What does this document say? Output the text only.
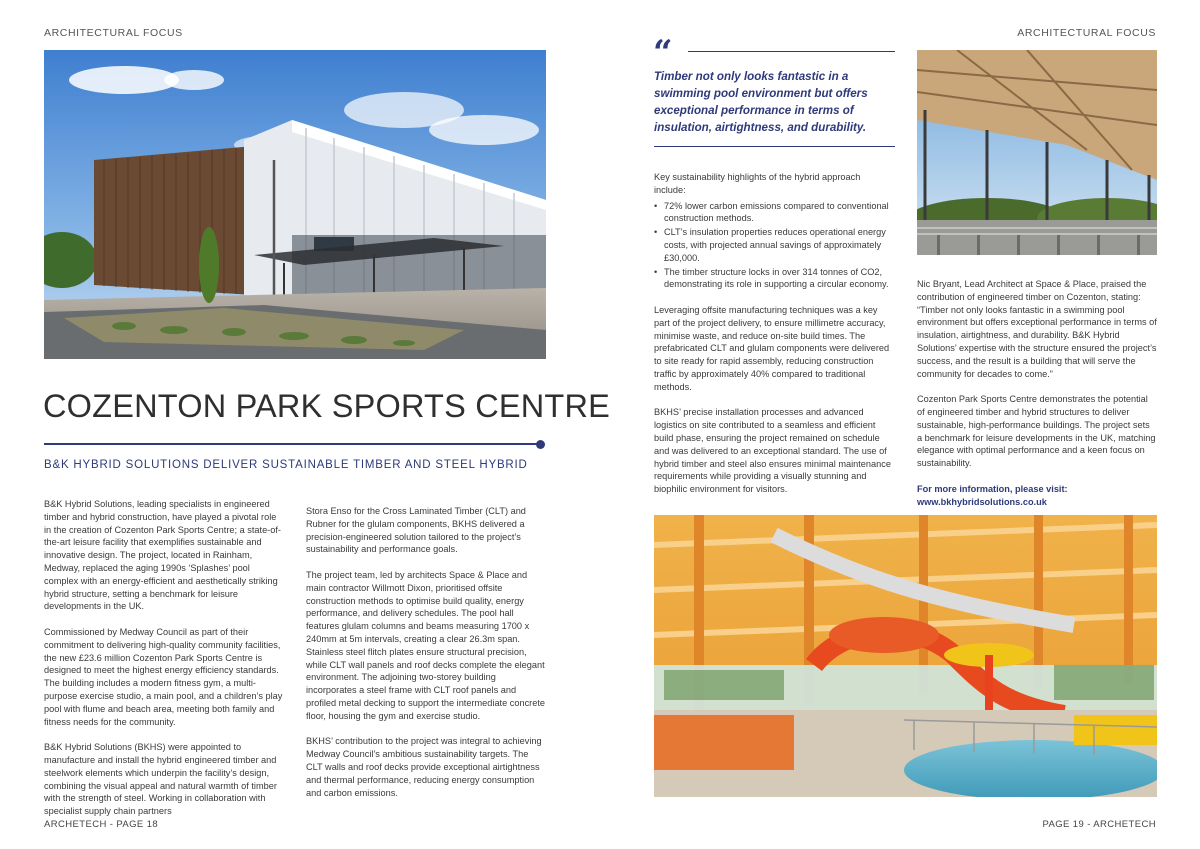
ARCHITECTURAL FOCUS	ARCHITECTURAL FOCUS
COZENTON PARK SPORTS CENTRE
B&K HYBRID SOLUTIONS DELIVER SUSTAINABLE TIMBER AND STEEL HYBRID

B&K Hybrid Solutions, leading specialists in engineered timber and hybrid construction, have played a pivotal role in the creation of Cozenton Park Sports Centre; a state-of-the-art leisure facility that exemplifies sustainable and innovative design. The project, located in Rainham, Medway, replaced the aging 1990s ‘Splashes’ pool complex with an energy-efficient and aesthetically striking hybrid structure, setting a benchmark for leisure developments in the UK.

Commissioned by Medway Council as part of their commitment to delivering high-quality community facilities, the new £23.6 million Cozenton Park Sports Centre is designed to meet the highest energy efficiency standards. The building includes a modern fitness gym, a multi-purpose exercise studio, a main pool, and a children’s play pool with flume and beach area, meeting both family and fitness needs for the community.

B&K Hybrid Solutions (BKHS) were appointed to manufacture and install the hybrid engineered timber and steelwork elements which underpin the facility’s design, combining the visual appeal and natural warmth of timber with the strength of steel. Working in collaboration with specialist supply chain partners

Stora Enso for the Cross Laminated Timber (CLT) and Rubner for the glulam components, BKHS delivered a precision-engineered solution tailored to the project’s sustainability and performance goals.

The project team, led by architects Space & Place and main contractor Willmott Dixon, prioritised offsite construction methods to optimise build quality, energy performance, and delivery schedules. The pool hall features glulam columns and beams measuring 1700 x 240mm at 5m intervals, creating a clear 26.3m span. Stainless steel flitch plates ensure structural precision, while CLT wall panels and roof decks complete the elegant environment. The adjoining two-storey building incorporates a steel frame with CLT roof panels and profiled metal decking to support the intermediate concrete floor, housing the gym and exercise studio.

BKHS’ contribution to the project was integral to achieving Medway Council’s ambitious sustainability targets. The CLT walls and roof decks provide exceptional airtightness and thermal performance, reducing energy consumption and carbon emissions.

“
Timber not only looks fantastic in a swimming pool environment but offers exceptional performance in terms of insulation, airtightness, and durability.

Key sustainability highlights of the hybrid approach include:

• 72% lower carbon emissions compared to conventional construction methods.
• CLT’s insulation properties reduces operational energy costs, with projected annual savings of approximately £30,000.
• The timber structure locks in over 314 tonnes of CO2, demonstrating its role in supporting a circular economy.

Leveraging offsite manufacturing techniques was a key part of the project delivery, to ensure millimetre accuracy, minimise waste, and reduce on-site build times. The prefabricated CLT and glulam components were delivered to site ready for rapid assembly, reducing construction traffic by approximately 40% compared to traditional methods.

BKHS’ precise installation processes and advanced logistics on site contributed to a seamless and efficient build phase, ensuring the project remained on schedule and was delivered to an exceptional standard. The use of hybrid timber and steel also ensures minimal maintenance requirements while providing a visually stunning and biophilic environment for visitors.

Nic Bryant, Lead Architect at Space & Place, praised the contribution of engineered timber on Cozenton, stating: “Timber not only looks fantastic in a swimming pool environment but offers exceptional performance in terms of insulation, airtightness, and durability. B&K Hybrid Solutions’ expertise with the structure ensured the project’s success, and the result is a building that will serve the community for decades to come.”

Cozenton Park Sports Centre demonstrates the potential of engineered timber and hybrid structures to deliver sustainable, high-performance buildings. The project sets a benchmark for leisure developments in the UK, matching elegance with optimal performance and a keen focus on sustainability.

For more information, please visit:
www.bkhybridsolutions.co.uk
ARCHETECH - PAGE 18	PAGE 19 - ARCHETECH
